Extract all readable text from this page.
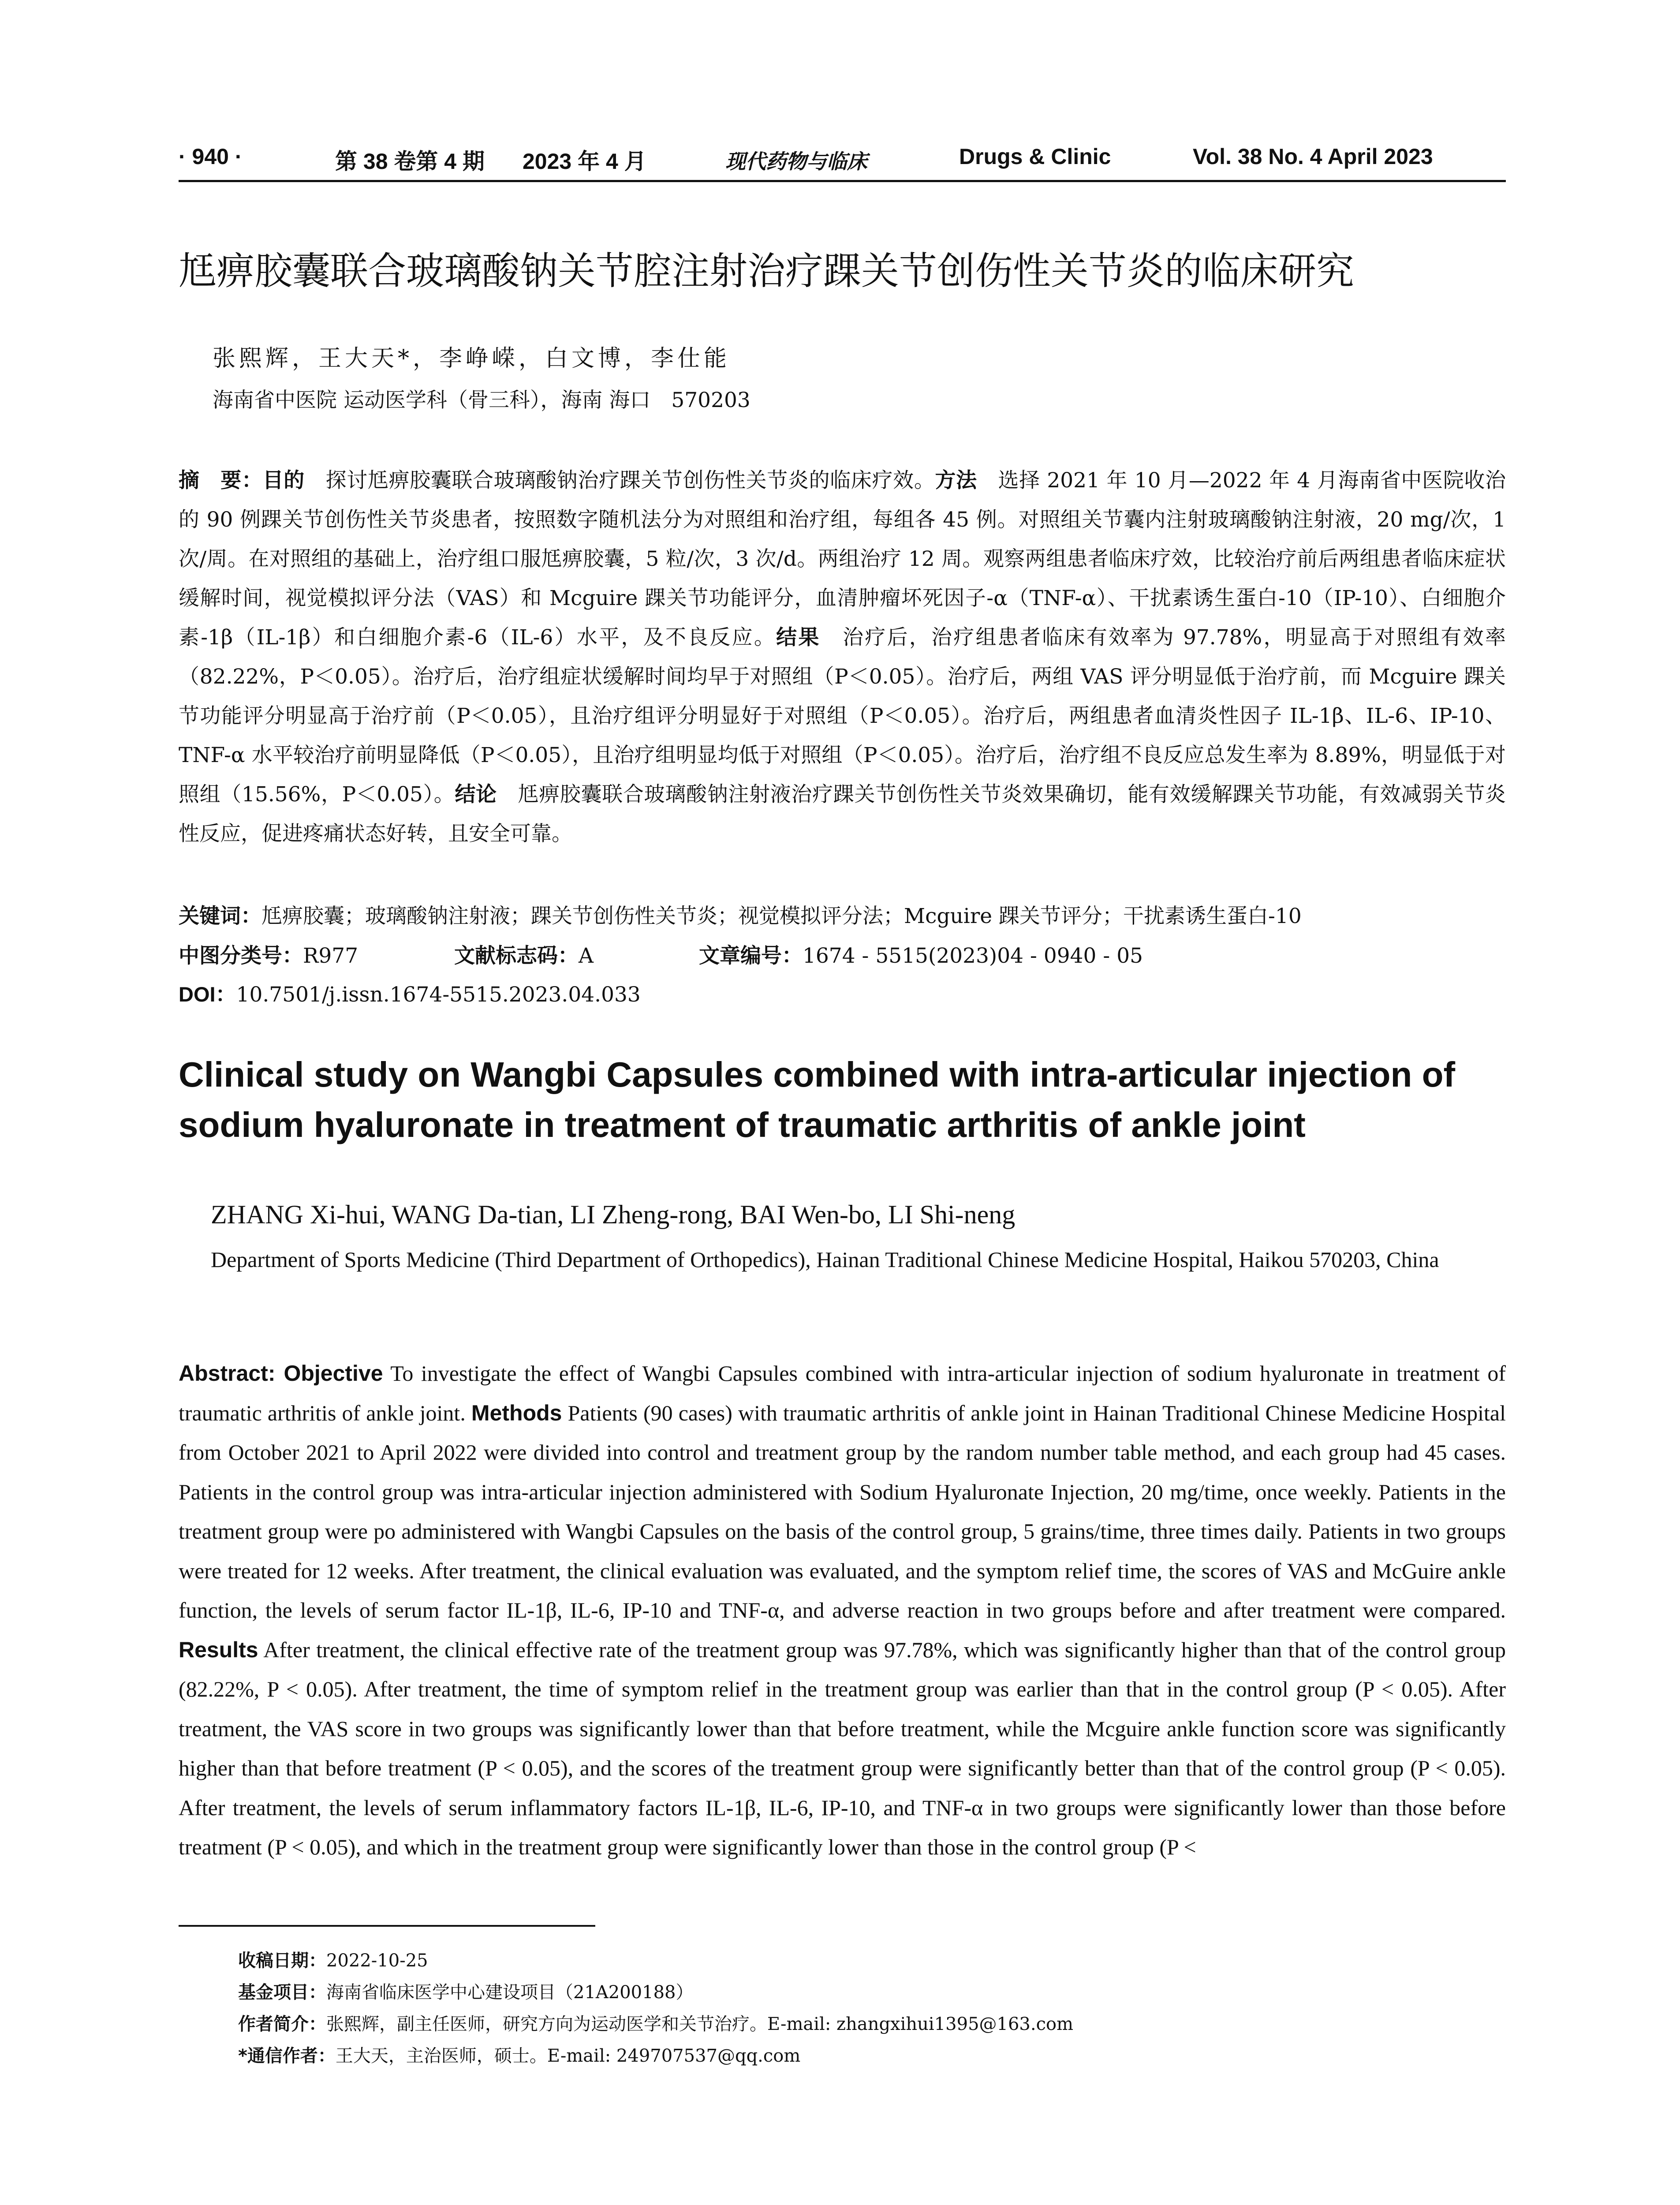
· 940 ·	第 38 卷第 4 期 2023 年 4 月	现代药物与临床	Drugs & Clinic	Vol. 38 No. 4 April 2023
尪痹胶囊联合玻璃酸钠关节腔注射治疗踝关节创伤性关节炎的临床研究
张熙辉，王大天*，李峥嵘，白文博，李仕能
海南省中医院 运动医学科（骨三科），海南 海口　570203
摘　要：目的　探讨尪痹胶囊联合玻璃酸钠治疗踝关节创伤性关节炎的临床疗效。方法　选择 2021 年 10 月—2022 年 4 月海南省中医院收治的 90 例踝关节创伤性关节炎患者，按照数字随机法分为对照组和治疗组，每组各 45 例。对照组关节囊内注射玻璃酸钠注射液，20 mg/次，1 次/周。在对照组的基础上，治疗组口服尪痹胶囊，5 粒/次，3 次/d。两组治疗 12 周。观察两组患者临床疗效，比较治疗前后两组患者临床症状缓解时间，视觉模拟评分法（VAS）和 Mcguire 踝关节功能评分，血清肿瘤坏死因子-α（TNF-α）、干扰素诱生蛋白-10（IP-10）、白细胞介素-1β（IL-1β）和白细胞介素-6（IL-6）水平，及不良反应。结果　治疗后，治疗组患者临床有效率为 97.78%，明显高于对照组有效率（82.22%，P＜0.05）。治疗后，治疗组症状缓解时间均早于对照组（P＜0.05）。治疗后，两组 VAS 评分明显低于治疗前，而 Mcguire 踝关节功能评分明显高于治疗前（P＜0.05），且治疗组评分明显好于对照组（P＜0.05）。治疗后，两组患者血清炎性因子 IL-1β、IL-6、IP-10、TNF-α 水平较治疗前明显降低（P＜0.05），且治疗组明显均低于对照组（P＜0.05）。治疗后，治疗组不良反应总发生率为 8.89%，明显低于对照组（15.56%，P＜0.05）。结论　尪痹胶囊联合玻璃酸钠注射液治疗踝关节创伤性关节炎效果确切，能有效缓解踝关节功能，有效减弱关节炎性反应，促进疼痛状态好转，且安全可靠。
关键词：尪痹胶囊；玻璃酸钠注射液；踝关节创伤性关节炎；视觉模拟评分法；Mcguire 踝关节评分；干扰素诱生蛋白-10
中图分类号：R977	文献标志码：A	文章编号：1674 - 5515(2023)04 - 0940 - 05
DOI：10.7501/j.issn.1674-5515.2023.04.033
Clinical study on Wangbi Capsules combined with intra-articular injection of sodium hyaluronate in treatment of traumatic arthritis of ankle joint
ZHANG Xi-hui, WANG Da-tian, LI Zheng-rong, BAI Wen-bo, LI Shi-neng
Department of Sports Medicine (Third Department of Orthopedics), Hainan Traditional Chinese Medicine Hospital, Haikou 570203, China
Abstract: Objective To investigate the effect of Wangbi Capsules combined with intra-articular injection of sodium hyaluronate in treatment of traumatic arthritis of ankle joint. Methods Patients (90 cases) with traumatic arthritis of ankle joint in Hainan Traditional Chinese Medicine Hospital from October 2021 to April 2022 were divided into control and treatment group by the random number table method, and each group had 45 cases. Patients in the control group was intra-articular injection administered with Sodium Hyaluronate Injection, 20 mg/time, once weekly. Patients in the treatment group were po administered with Wangbi Capsules on the basis of the control group, 5 grains/time, three times daily. Patients in two groups were treated for 12 weeks. After treatment, the clinical evaluation was evaluated, and the symptom relief time, the scores of VAS and McGuire ankle function, the levels of serum factor IL-1β, IL-6, IP-10 and TNF-α, and adverse reaction in two groups before and after treatment were compared. Results After treatment, the clinical effective rate of the treatment group was 97.78%, which was significantly higher than that of the control group (82.22%, P < 0.05). After treatment, the time of symptom relief in the treatment group was earlier than that in the control group (P < 0.05). After treatment, the VAS score in two groups was significantly lower than that before treatment, while the Mcguire ankle function score was significantly higher than that before treatment (P < 0.05), and the scores of the treatment group were significantly better than that of the control group (P < 0.05). After treatment, the levels of serum inflammatory factors IL-1β, IL-6, IP-10, and TNF-α in two groups were significantly lower than those before treatment (P < 0.05), and which in the treatment group were significantly lower than those in the control group (P <
收稿日期：2022-10-25
基金项目：海南省临床医学中心建设项目（21A200188）
作者简介：张熙辉，副主任医师，研究方向为运动医学和关节治疗。E-mail: zhangxihui1395@163.com
*通信作者：王大天，主治医师，硕士。E-mail: 249707537@qq.com
